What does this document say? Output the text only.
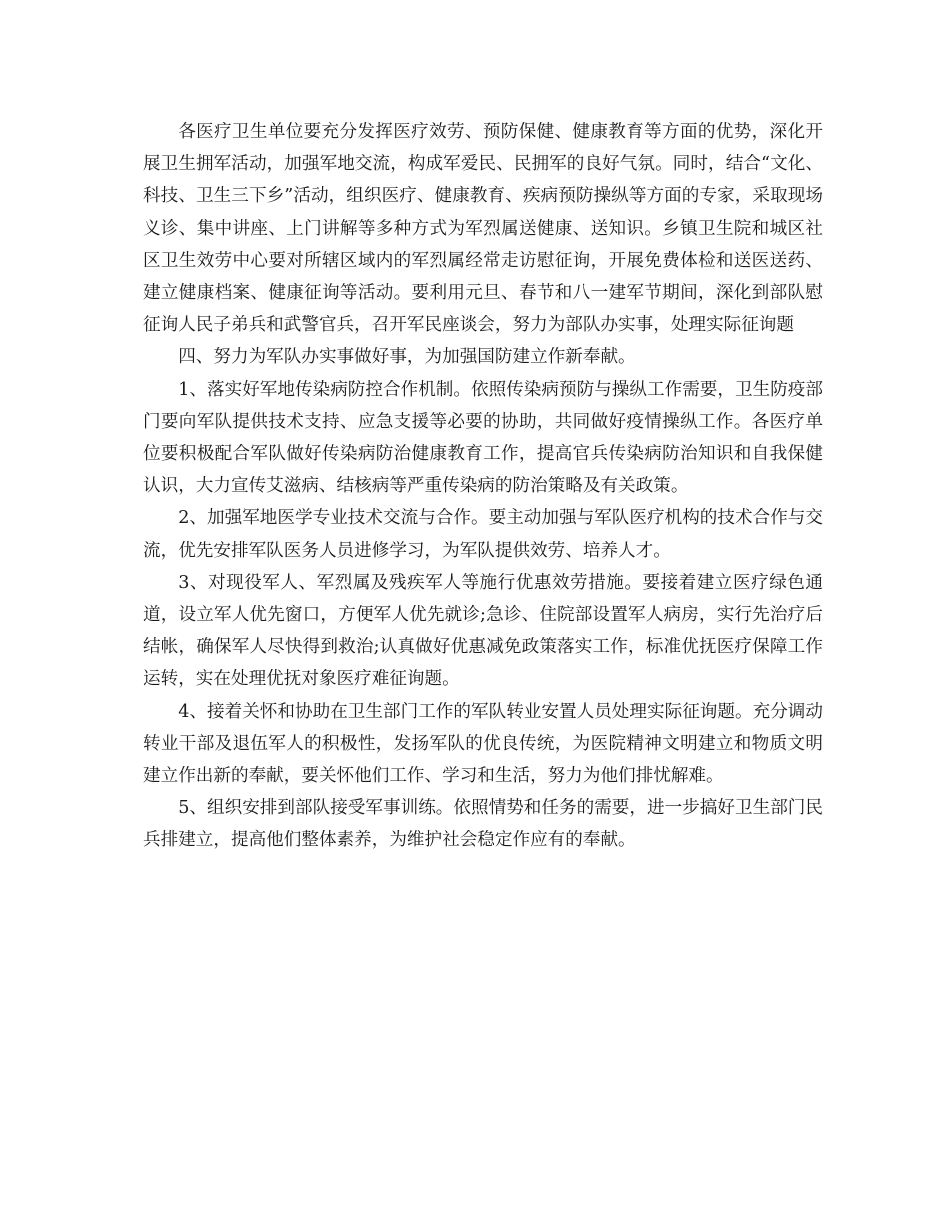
各医疗卫生单位要充分发挥医疗效劳、预防保健、健康教育等方面的优势，深化开展卫生拥军活动，加强军地交流，构成军爱民、民拥军的良好气氛。同时，结合“文化、科技、卫生三下乡”活动，组织医疗、健康教育、疾病预防操纵等方面的专家，采取现场义诊、集中讲座、上门讲解等多种方式为军烈属送健康、送知识。乡镇卫生院和城区社区卫生效劳中心要对所辖区域内的军烈属经常走访慰征询，开展免费体检和送医送药、建立健康档案、健康征询等活动。要利用元旦、春节和八一建军节期间，深化到部队慰征询人民子弟兵和武警官兵，召开军民座谈会，努力为部队办实事，处理实际征询题

四、努力为军队办实事做好事，为加强国防建立作新奉献。

1、落实好军地传染病防控合作机制。依照传染病预防与操纵工作需要，卫生防疫部门要向军队提供技术支持、应急支援等必要的协助，共同做好疫情操纵工作。各医疗单位要积极配合军队做好传染病防治健康教育工作，提高官兵传染病防治知识和自我保健认识，大力宣传艾滋病、结核病等严重传染病的防治策略及有关政策。

2、加强军地医学专业技术交流与合作。要主动加强与军队医疗机构的技术合作与交流，优先安排军队医务人员进修学习，为军队提供效劳、培养人才。

3、对现役军人、军烈属及残疾军人等施行优惠效劳措施。要接着建立医疗绿色通道，设立军人优先窗口，方便军人优先就诊;急诊、住院部设置军人病房，实行先治疗后结帐，确保军人尽快得到救治;认真做好优惠减免政策落实工作，标准优抚医疗保障工作运转，实在处理优抚对象医疗难征询题。

4、接着关怀和协助在卫生部门工作的军队转业安置人员处理实际征询题。充分调动转业干部及退伍军人的积极性，发扬军队的优良传统，为医院精神文明建立和物质文明建立作出新的奉献，要关怀他们工作、学习和生活，努力为他们排忧解难。

5、组织安排到部队接受军事训练。依照情势和任务的需要，进一步搞好卫生部门民兵排建立，提高他们整体素养，为维护社会稳定作应有的奉献。
